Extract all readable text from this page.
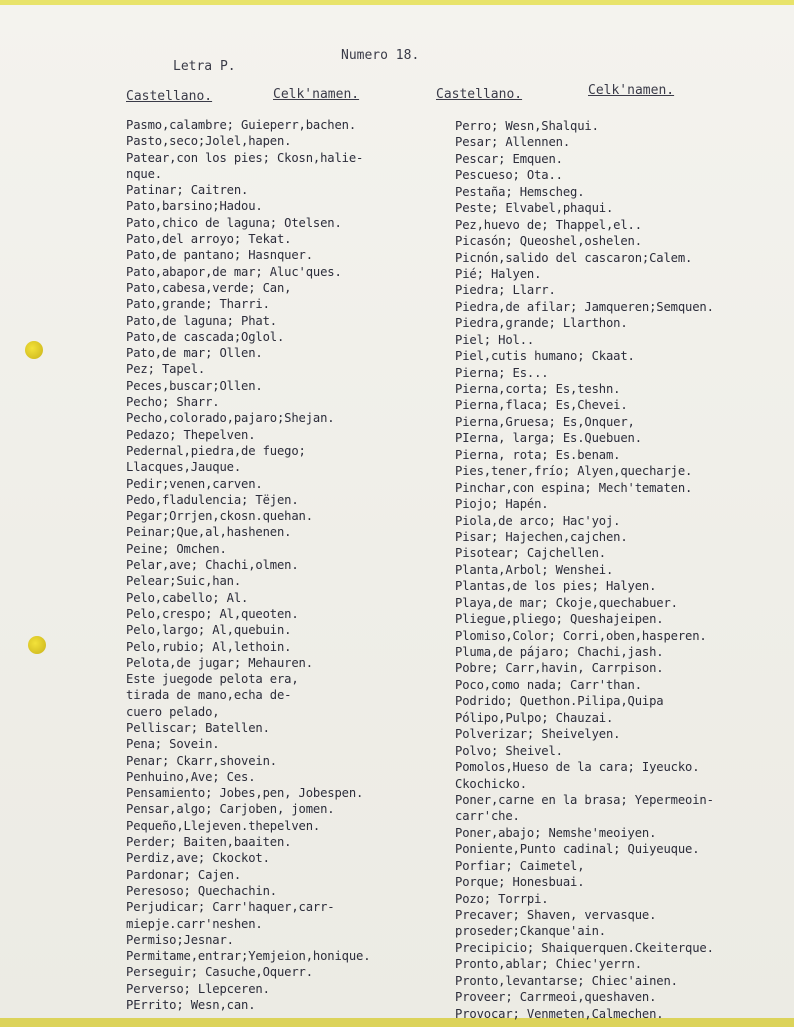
Letra P.
Numero 18.
Castellano.	Celk'namen.	Castellano.	Celk'namen.
Pasmo,calambre; Guieperr,bachen.
Pasto,seco;Jolel,hapen.
Patear,con los pies; Ckosn,halie-
nque.
Patinar; Caitren.
Pato,barsino;Hadou.
Pato,chico de laguna; Otelsen.
Pato,del arroyo; Tekat.
Pato,de pantano; Hasnquer.
Pato,abapor,de mar; Aluc'ques.
Pato,cabesa,verde; Can,
Pato,grande; Tharri.
Pato,de laguna; Phat.
Pato,de cascada;Oglol.
Pato,de mar; Ollen.
Pez; Tapel.
Peces,buscar;Ollen.
Pecho; Sharr.
Pecho,colorado,pajaro;Shejan.
Pedazo; Thepelven.
Pedernal,piedra,de fuego;
Llacques,Jauque.
Pedir;venen,carven.
Pedo,fladulencia; Tëjen.
Pegar;Orrjen,ckosn.quehan.
Peinar;Que,al,hashenen.
Peine; Omchen.
Pelar,ave; Chachi,olmen.
Pelear;Suic,han.
Pelo,cabello; Al.
Pelo,crespo; Al,queoten.
Pelo,largo; Al,quebuin.
Pelo,rubio; Al,lethoin.
Pelota,de jugar; Mehauren.
Este juegode pelota era,
tirada de mano,echa de-
cuero pelado,
Pelliscar; Batellen.
Pena; Sovein.
Penar; Ckarr,shovein.
Penhuino,Ave; Ces.
Pensamiento; Jobes,pen, Jobespen.
Pensar,algo; Carjoben, jomen.
Pequeño,Llejeven.thepelven.
Perder; Baiten,baaiten.
Perdiz,ave; Ckockot.
Pardonar; Cajen.
Peresoso; Quechachin.
Perjudicar; Carr'haquer,carr-
miepje.carr'neshen.
Permiso;Jesnar.
Permitame,entrar;Yemjeion,honique.
Perseguir; Casuche,Oquerr.
Perverso; Llepceren.
PErrito; Wesn,can.
Perro; Wesn,Shalqui.
Pesar; Allennen.
Pescar; Emquen.
Pescueso; Ota..
Pestaña; Hemscheg.
Peste; Elvabel,phaqui.
Pez,huevo de; Thappel,el..
Picasón; Queoshel,oshelen.
Picnón,salido del cascaron;Calem.
Pié; Halyen.
Piedra; Llarr.
Piedra,de afilar; Jamqueren;Semquen.
Piedra,grande; Llarthon.
Piel; Hol..
Piel,cutis humano; Ckaat.
Pierna; Es...
Pierna,corta; Es,teshn.
Pierna,flaca; Es,Chevei.
Pierna,Gruesa; Es,Onquer,
PIerna, larga; Es.Quebuen.
Pierna, rota; Es.benam.
Pies,tener,frío; Alyen,quecharje.
Pinchar,con espina; Mech'tematen.
Piojo; Hapén.
Piola,de arco; Hac'yoj.
Pisar; Hajechen,cajchen.
Pisotear; Cajchellen.
Planta,Arbol; Wenshei.
Plantas,de los pies; Halyen.
Playa,de mar; Ckoje,quechabuer.
Pliegue,pliego; Queshajeipen.
Plomiso,Color; Corri,oben,hasperen.
Pluma,de pájaro; Chachi,jash.
Pobre; Carr,havin, Carrpison.
Poco,como nada; Carr'than.
Podrido; Quethon.Pilipa,Quipa
Pólipo,Pulpo; Chauzai.
Polverizar; Sheivelyen.
Polvo; Sheivel.
Pomolos,Hueso de la cara; Iyeucko.
Ckochicko.
Poner,carne en la brasa; Yepermeoin-
carr'che.
Poner,abajo; Nemshe'meoiyen.
Poniente,Punto cadinal; Quiyeuque.
Porfiar; Caimetel,
Porque; Honesbuai.
Pozo; Torrpi.
Precaver; Shaven, vervasque.
proseder;Ckanque'ain.
Precipicio; Shaiquerquen.Ckeiterque.
Pronto,ablar; Chiec'yerrn.
Pronto,levantarse; Chiec'ainen.
Proveer; Carrmeoi,queshaven.
Provocar; Venmeten,Calmechen.
